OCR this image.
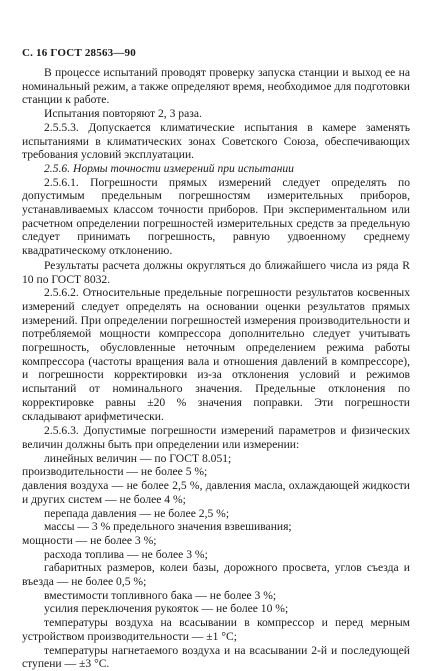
С. 16 ГОСТ 28563—90

В процессе испытаний проводят проверку запуска станции и выход ее на номинальный режим, а также определяют время, необходимое для подготовки станции к работе.

Испытания повторяют 2, 3 раза.

2.5.5.3. Допускается климатические испытания в камере заменять испытаниями в климатических зонах Советского Союза, обеспечивающих требования условий эксплуатации.

2.5.6. Нормы точности измерений при испытании

2.5.6.1. Погрешности прямых измерений следует определять по допустимым предельным погрешностям измерительных приборов, устанавливаемых классом точности приборов. При экспериментальном или расчетном определении погрешностей измерительных средств за предельную следует принимать погрешность, равную удвоенному среднему квадратическому отклонению.

Результаты расчета должны округляться до ближайшего числа из ряда R 10 по ГОСТ 8032.

2.5.6.2. Относительные предельные погрешности результатов косвенных измерений следует определять на основании оценки результатов прямых измерений. При определении погрешностей измерения производительности и потребляемой мощности компрессора дополнительно следует учитывать погрешность, обусловленные неточным определением режима работы компрессора (частоты вращения вала и отношения давлений в компрессоре), и погрешности корректировки из-за отклонения условий и режимов испытаний от номинального значения. Предельные отклонения по корректировке равны ±20 % значения поправки. Эти погрешности складывают арифметически.

2.5.6.3. Допустимые погрешности измерений параметров и физических величин должны быть при определении или измерении:

линейных величин — по ГОСТ 8.051;

производительности — не более 5 %;

давления воздуха — не более 2,5 %, давления масла, охлаждающей жидкости и других систем — не более 4 %;

перепада давления — не более 2,5 %;

массы — 3 % предельного значения взвешивания;

мощности — не более 3 %;

расхода топлива — не более 3 %;

габаритных размеров, колеи базы, дорожного просвета, углов съезда и въезда — не более 0,5 %;

вместимости топливного бака — не более 3 %;

усилия переключения рукояток — не более 10 %;

температуры воздуха на всасывании в компрессор и перед мерным устройством производительности — ±1 °С;

температуры нагнетаемого воздуха и на всасывании 2-й и последующей ступени — ±3 °С.
